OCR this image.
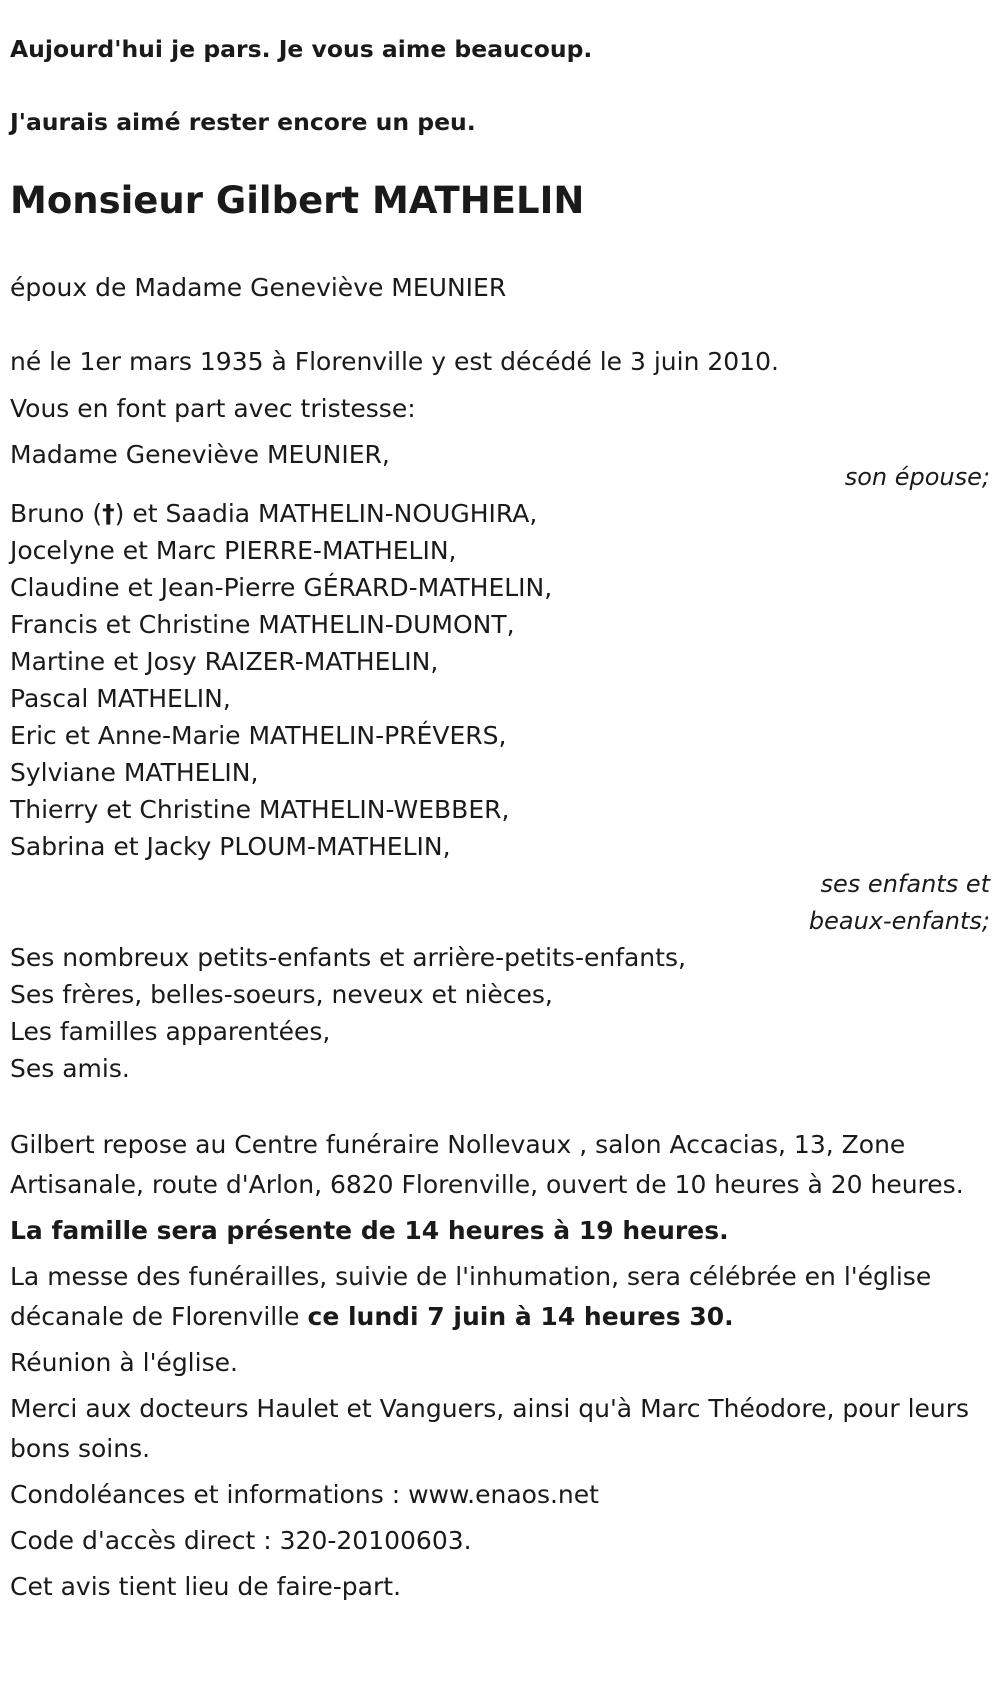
Aujourd'hui je pars. Je vous aime beaucoup.

J'aurais aimé rester encore un peu.

Monsieur Gilbert MATHELIN

époux de Madame Geneviève MEUNIER

né le 1er mars 1935 à Florenville y est décédé le 3 juin 2010.

Vous en font part avec tristesse:

Madame Geneviève MEUNIER,

son épouse;

Bruno (†) et Saadia MATHELIN-NOUGHIRA,

Jocelyne et Marc PIERRE-MATHELIN,

Claudine et Jean-Pierre GÉRARD-MATHELIN,

Francis et Christine MATHELIN-DUMONT,

Martine et Josy RAIZER-MATHELIN,

Pascal MATHELIN,

Eric et Anne-Marie MATHELIN-PRÉVERS,

Sylviane MATHELIN,

Thierry et Christine MATHELIN-WEBBER,

Sabrina et Jacky PLOUM-MATHELIN,

ses enfants et

beaux-enfants;

Ses nombreux petits-enfants et arrière-petits-enfants,

Ses frères, belles-soeurs, neveux et nièces,

Les familles apparentées,

Ses amis.

Gilbert repose au Centre funéraire Nollevaux , salon Accacias, 13, Zone Artisanale, route d'Arlon, 6820 Florenville, ouvert de 10 heures à 20 heures.

La famille sera présente de 14 heures à 19 heures.

La messe des funérailles, suivie de l'inhumation, sera célébrée en l'église décanale de Florenville ce lundi 7 juin à 14 heures 30.

Réunion à l'église.

Merci aux docteurs Haulet et Vanguers, ainsi qu'à Marc Théodore, pour leurs bons soins.

Condoléances et informations : www.enaos.net

Code d'accès direct : 320-20100603.

Cet avis tient lieu de faire-part.
